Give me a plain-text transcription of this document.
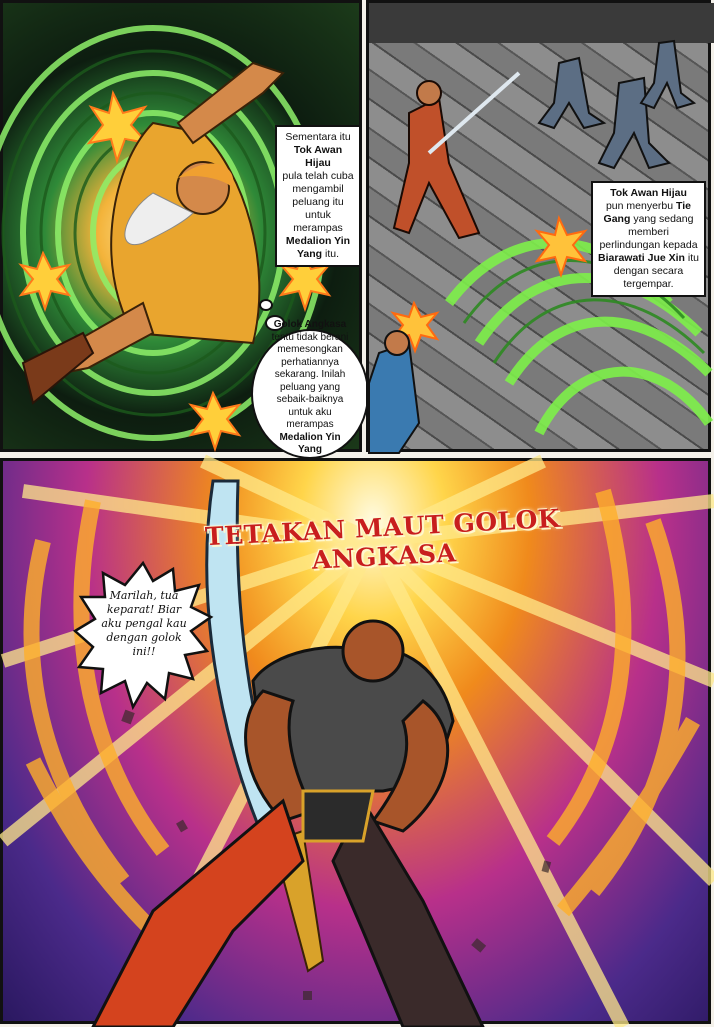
Sementara itu
Tok Awan Hijau
pula telah cuba mengambil peluang itu untuk merampas
Medalion Yin Yang itu.
Golok Angkasa
tentu tidak berani memesongkan perhatiannya sekarang. Inilah peluang yang sebaik-baiknya untuk aku merampas
Medalion Yin Yang
Tok Awan Hijau
pun menyerbu Tie Gang yang sedang memberi perlindungan kepada Biarawati Jue Xin itu dengan secara tergempar.
TETAKAN MAUT GOLOK ANGKASA
Marilah, tua keparat! Biar aku pengal kau dengan golok ini!!
